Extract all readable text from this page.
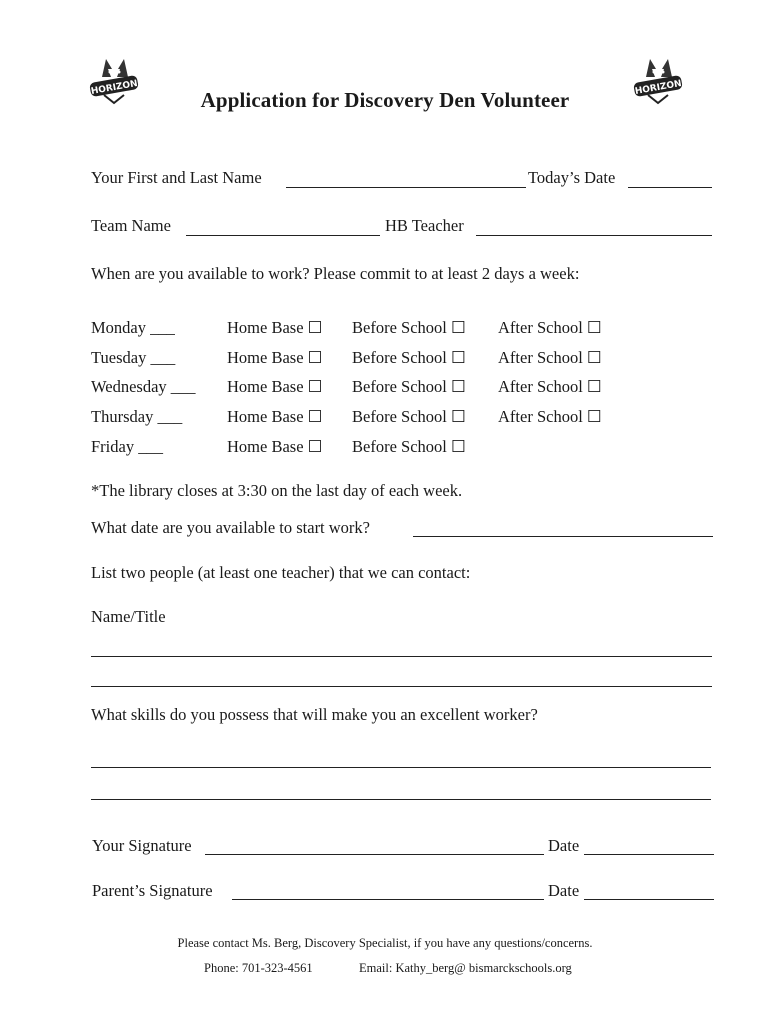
HORIZON	HORIZON
Application for Discovery Den Volunteer
Your First and Last Name	Today’s Date
Team Name	HB Teacher
When are you available to work? Please commit to at least 2 days a week:
Monday ___	Home Base ☐ Before School ☐ After School ☐
Tuesday ___	Home Base ☐ Before School ☐ After School ☐
Wednesday ___ Home Base ☐ Before School ☐ After School ☐
Thursday ___	Home Base ☐ Before School ☐ After School ☐
Friday ___	Home Base ☐ Before School ☐
*The library closes at 3:30 on the last day of each week.
What date are you available to start work?
List two people (at least one teacher) that we can contact:
Name/Title
What skills do you possess that will make you an excellent worker?
Your Signature	Date
Parent’s Signature	Date
Please contact Ms. Berg, Discovery Specialist, if you have any questions/concerns.
Phone: 701-323-4561	Email: Kathy_berg@ bismarckschools.org
